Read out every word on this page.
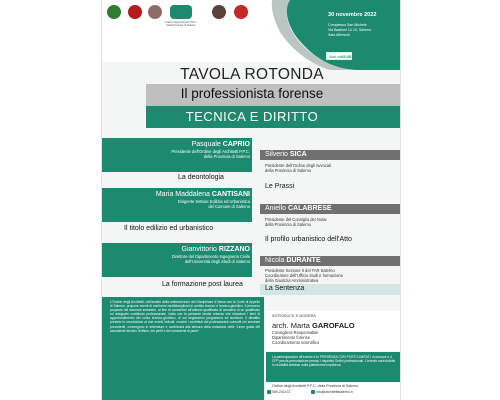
Ordine degli Architetti P.P.C. della Provincia di Salerno
30 novembre 2022
Complesso San Michele
Via Bastioni 14 10, Salerno
Sala Affreschi
Start ore
15:30
COMPLESSO
SAN MICHELE
TAVOLA ROTONDA
Il professionista forense
TECNICA E DIRITTO
Pasquale CAPRIO
Presidente dell'Ordine degli Architetti P.P.C.
della Provincia di Salerno
La deontologia
Maria Maddalena CANTISANI
Dirigente Settore Edilizia ed Urbanistica
del Comune di Salerno
Il titolo edilizio ed urbanistico
Gianvittorio RIZZANO
Direttore del Dipartimento Ingegneria Civile
dell'Università degli Studi di Salerno
La formazione post laurea
Silverio SICA
Presidente dell'Ordine degli Avvocati
della Provincia di Salerno
Le Prassi
Aniello CALABRESE
Presidente del Consiglio dei Notai
della Provincia di Salerno
Il profilo urbanistico dell'Atto
Nicola DURANTE
Presidente Sezione II del TAR Salerno
Coordinatore dell'Ufficio studi e formazione
della Giustizia Amministrativa
La Sentenza
L'Ordine degli Architetti, nell'ambito della sottoscrizione del Disciplinare d'Intesa con la Corte di Appello di Salerno, propone eventi di confronto multidisciplinari in ambito tecnico e tecnico-giuridico. Il percorso proposto nel secondo semestre, al fine di consentire all'uditorio qualificato di avvalersi di un qualificato ed adeguato contributo professionale, inizia con la presente tavola rotonda che introduce i temi di approfondimento del corso tecnico-giuridico, di cui seguiranno programma ed iscrizioni. Il dibattito previsto in conclusione ai due eventi indicati, nonché i contributi dei professionisti coinvolti nei seminari precedenti, convergono in letterature e contribuirà alla stesura della redazione delle "Linee guida del consulente tecnico d'ufficio, dei periti e dei consulenti di parte".
INTRODUCE E MODERA
arch. Marta GAROFALO
Consigliera Responsabile
Dipartimento forense
Coordinamento scientifico
La partecipazione all'evento è in PRESENZA CON POSTI LIMITATI, riconosce n.4 CFP previa prenotazione presso i rispettivi Ordini professionali. L'evento sarà fruibile in modalità webinar sulla piattaforma ImpAtena.
Ordine degli Architetti P.P.C. della Provincia di Salerno
089.241472	info@architettisalerno.it
